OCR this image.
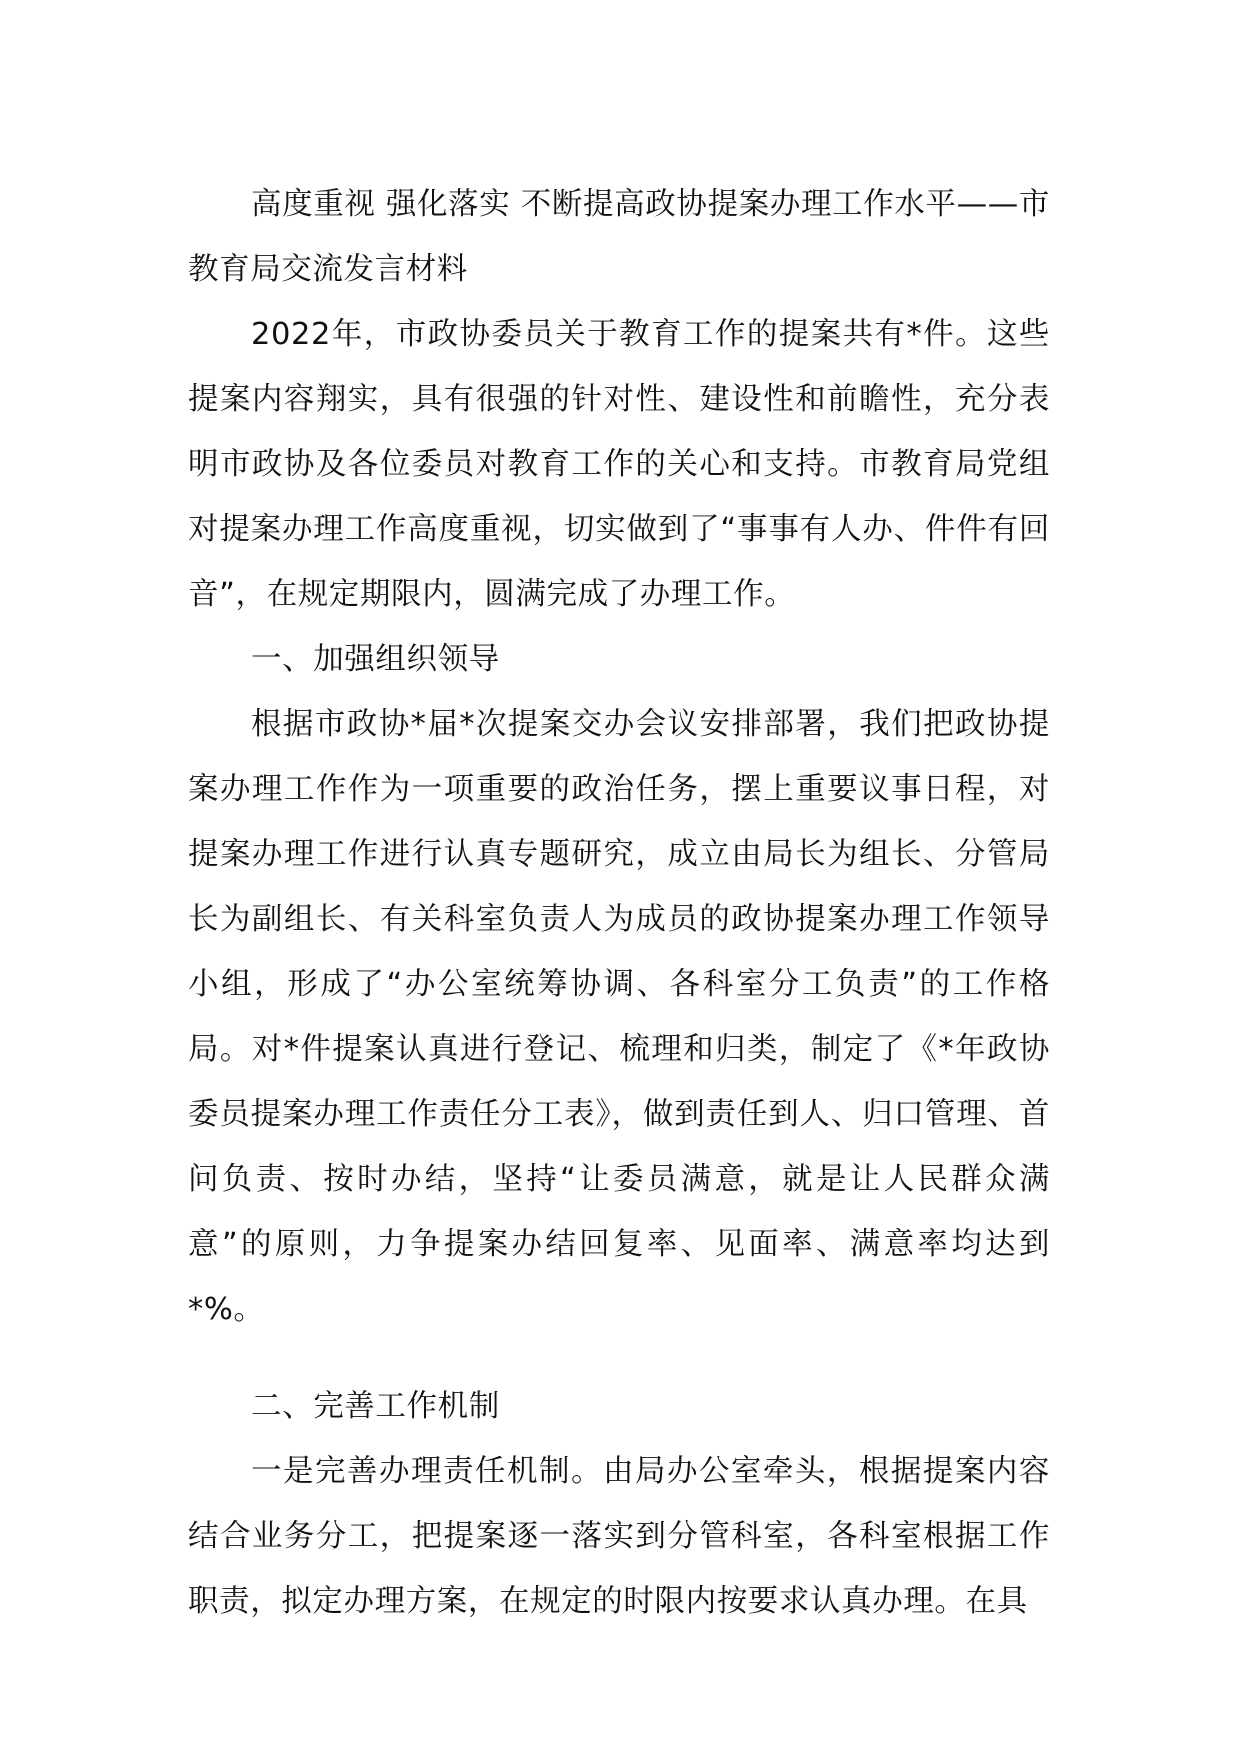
高度重视 强化落实 不断提高政协提案办理工作水平——市教育局交流发言材料

2022年，市政协委员关于教育工作的提案共有*件。这些提案内容翔实，具有很强的针对性、建设性和前瞻性，充分表明市政协及各位委员对教育工作的关心和支持。市教育局党组对提案办理工作高度重视，切实做到了“事事有人办、件件有回音”，在规定期限内，圆满完成了办理工作。

一、加强组织领导

根据市政协*届*次提案交办会议安排部署，我们把政协提案办理工作作为一项重要的政治任务，摆上重要议事日程，对提案办理工作进行认真专题研究，成立由局长为组长、分管局长为副组长、有关科室负责人为成员的政协提案办理工作领导小组，形成了“办公室统筹协调、各科室分工负责”的工作格局。对*件提案认真进行登记、梳理和归类，制定了《*年政协委员提案办理工作责任分工表》，做到责任到人、归口管理、首问负责、按时办结，坚持“让委员满意，就是让人民群众满意”的原则，力争提案办结回复率、见面率、满意率均达到*%。

二、完善工作机制

一是完善办理责任机制。由局办公室牵头，根据提案内容结合业务分工，把提案逐一落实到分管科室，各科室根据工作职责，拟定办理方案，在规定的时限内按要求认真办理。在具
